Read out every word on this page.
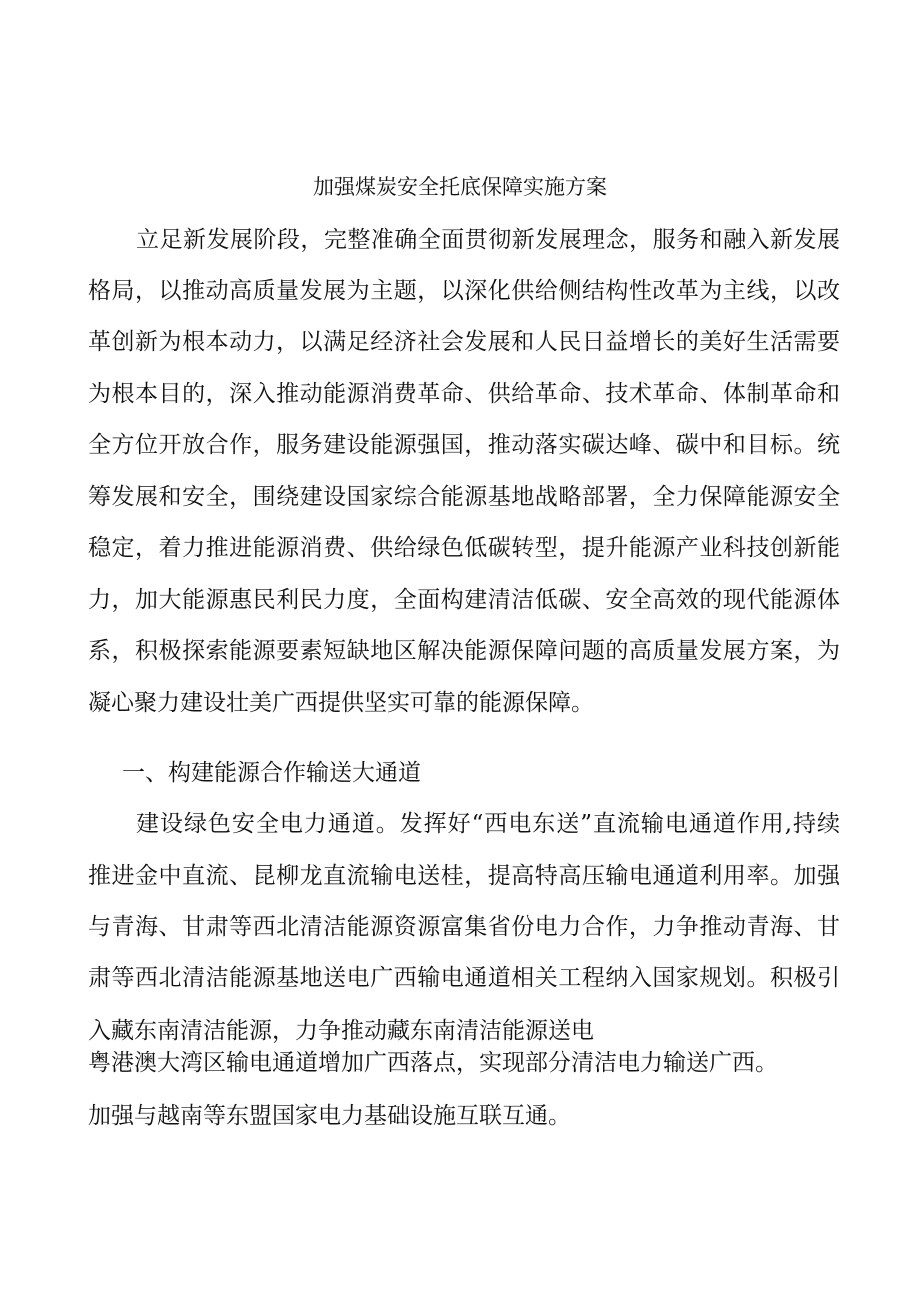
加强煤炭安全托底保障实施方案
立足新发展阶段，完整准确全面贯彻新发展理念，服务和融入新发展
格局，以推动高质量发展为主题，以深化供给侧结构性改革为主线，以改
革创新为根本动力，以满足经济社会发展和人民日益增长的美好生活需要
为根本目的，深入推动能源消费革命、供给革命、技术革命、体制革命和
全方位开放合作，服务建设能源强国，推动落实碳达峰、碳中和目标。统
筹发展和安全，围绕建设国家综合能源基地战略部署，全力保障能源安全
稳定，着力推进能源消费、供给绿色低碳转型，提升能源产业科技创新能
力，加大能源惠民利民力度，全面构建清洁低碳、安全高效的现代能源体
系，积极探索能源要素短缺地区解决能源保障问题的高质量发展方案，为
凝心聚力建设壮美广西提供坚实可靠的能源保障。
一、构建能源合作输送大通道
建设绿色安全电力通道。发挥好“西电东送”直流输电通道作用,持续
推进金中直流、昆柳龙直流输电送桂，提高特高压输电通道利用率。加强
与青海、甘肃等西北清洁能源资源富集省份电力合作，力争推动青海、甘
肃等西北清洁能源基地送电广西输电通道相关工程纳入国家规划。积极引
入藏东南清洁能源，力争推动藏东南清洁能源送电
粤港澳大湾区输电通道增加广西落点，实现部分清洁电力输送广西。
加强与越南等东盟国家电力基础设施互联互通。
